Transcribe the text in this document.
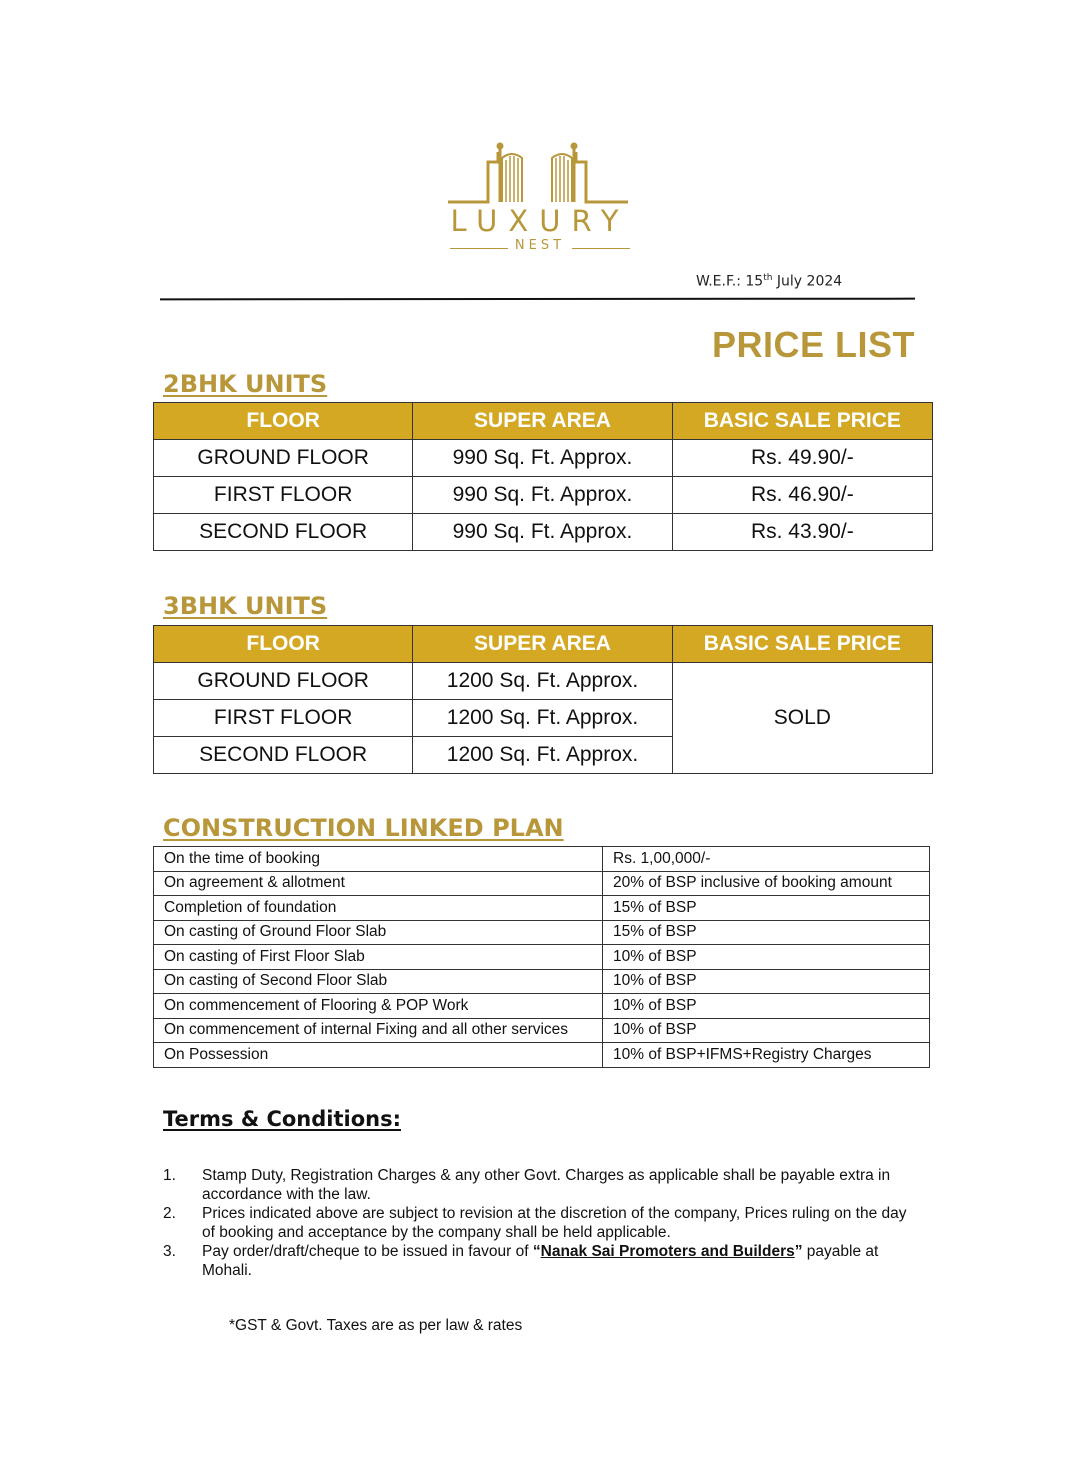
LUXURY
NEST
W.E.F.: 15th July 2024
PRICE LIST
2BHK UNITS
FLOOR	SUPER AREA	BASIC SALE PRICE
GROUND FLOOR	990 Sq. Ft. Approx.	Rs. 49.90/-
FIRST FLOOR	990 Sq. Ft. Approx.	Rs. 46.90/-
SECOND FLOOR	990 Sq. Ft. Approx.	Rs. 43.90/-
3BHK UNITS
FLOOR	SUPER AREA	BASIC SALE PRICE
GROUND FLOOR	1200 Sq. Ft. Approx.	SOLD
FIRST FLOOR	1200 Sq. Ft. Approx.	
SECOND FLOOR	1200 Sq. Ft. Approx.	
CONSTRUCTION LINKED PLAN
On the time of booking	Rs. 1,00,000/-
On agreement & allotment	20% of BSP inclusive of booking amount
Completion of foundation	15% of BSP
On casting of Ground Floor Slab	15% of BSP
On casting of First Floor Slab	10% of BSP
On casting of Second Floor Slab	10% of BSP
On commencement of Flooring & POP Work	10% of BSP
On commencement of internal Fixing and all other services	10% of BSP
On Possession	10% of BSP+IFMS+Registry Charges
Terms & Conditions:
1. Stamp Duty, Registration Charges & any other Govt. Charges as applicable shall be payable extra in accordance with the law.
2. Prices indicated above are subject to revision at the discretion of the company, Prices ruling on the day of booking and acceptance by the company shall be held applicable.
3. Pay order/draft/cheque to be issued in favour of “Nanak Sai Promoters and Builders” payable at Mohali.
*GST & Govt. Taxes are as per law & rates
